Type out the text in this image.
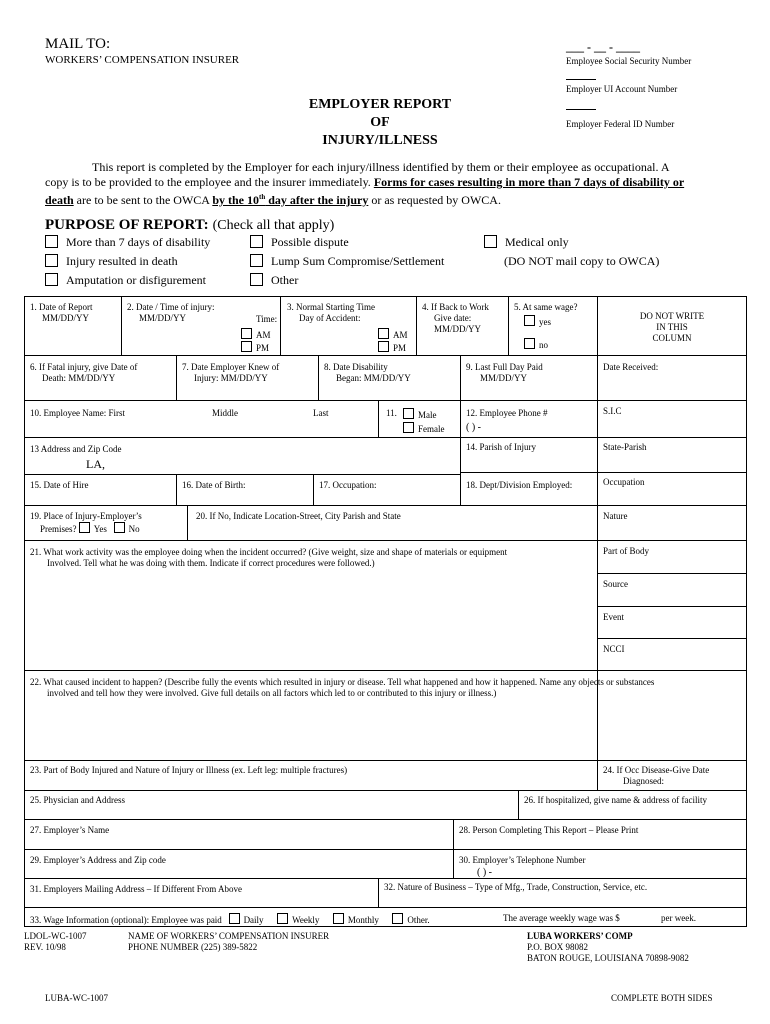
MAIL TO:
WORKERS’ COMPENSATION INSURER
___ - __ - ____
Employee Social Security Number
Employer UI Account Number
Employer Federal ID Number
EMPLOYER REPORT
OF
INJURY/ILLNESS
This report is completed by the Employer for each injury/illness identified by them or their employee as occupational. A
copy is to be provided to the employee and the insurer immediately. Forms for cases resulting in more than 7 days of disability or
death are to be sent to the OWCA by the 10th day after the injury or as requested by OWCA.
PURPOSE OF REPORT: (Check all that apply)
More than 7 days of disability
Injury resulted in death
Amputation or disfigurement
Possible dispute
Lump Sum Compromise/Settlement
Other
Medical only
(DO NOT mail copy to OWCA)
1. Date of Report
MM/DD/YY
2. Date / Time of injury:
MM/DD/YY	Time:
AM
PM
3. Normal Starting Time
Day of Accident:
AM
PM
4. If Back to Work
Give date:
MM/DD/YY
5. At same wage?
yes
no
DO NOT WRITE
IN THIS
COLUMN
6. If Fatal injury, give Date of
Death: MM/DD/YY
7. Date Employer Knew of
Injury: MM/DD/YY
8. Date Disability
Began: MM/DD/YY
9. Last Full Day Paid
MM/DD/YY
Date Received:
10. Employee Name: First	Middle	Last	11.	Male
Female
12. Employee Phone #
( ) -
S.I.C
13 Address and Zip Code
LA,
14. Parish of Injury	State-Parish
15. Date of Hire	16. Date of Birth:	17. Occupation:	18. Dept/Division Employed:	Occupation
19. Place of Injury-Employer’s
Premises? Yes No
20. If No, Indicate Location-Street, City Parish and State	Nature
21. What work activity was the employee doing when the incident occurred? (Give weight, size and shape of materials or equipment
Involved. Tell what he was doing with them. Indicate if correct procedures were followed.)
Part of Body
Source
Event
NCCI
22. What caused incident to happen? (Describe fully the events which resulted in injury or disease. Tell what happened and how it happened. Name any objects or substances
involved and tell how they were involved. Give full details on all factors which led to or contributed to this injury or illness.)
23. Part of Body Injured and Nature of Injury or Illness (ex. Left leg: multiple fractures)	24. If Occ Disease-Give Date
Diagnosed:
25. Physician and Address	26. If hospitalized, give name & address of facility
27. Employer’s Name	28. Person Completing This Report – Please Print
29. Employer’s Address and Zip code	30. Employer’s Telephone Number
( ) -
31. Employers Mailing Address – If Different From Above	32. Nature of Business – Type of Mfg., Trade, Construction, Service, etc.
33. Wage Information (optional): Employee was paid Daily	Weekly	Monthly	Other.	The average weekly wage was $	per week.
LDOL-WC-1007
REV. 10/98
NAME OF WORKERS’ COMPENSATION INSURER
PHONE NUMBER (225) 389-5822
LUBA WORKERS’ COMP
P.O. BOX 98082
BATON ROUGE, LOUISIANA 70898-9082
LUBA-WC-1007	COMPLETE BOTH SIDES
